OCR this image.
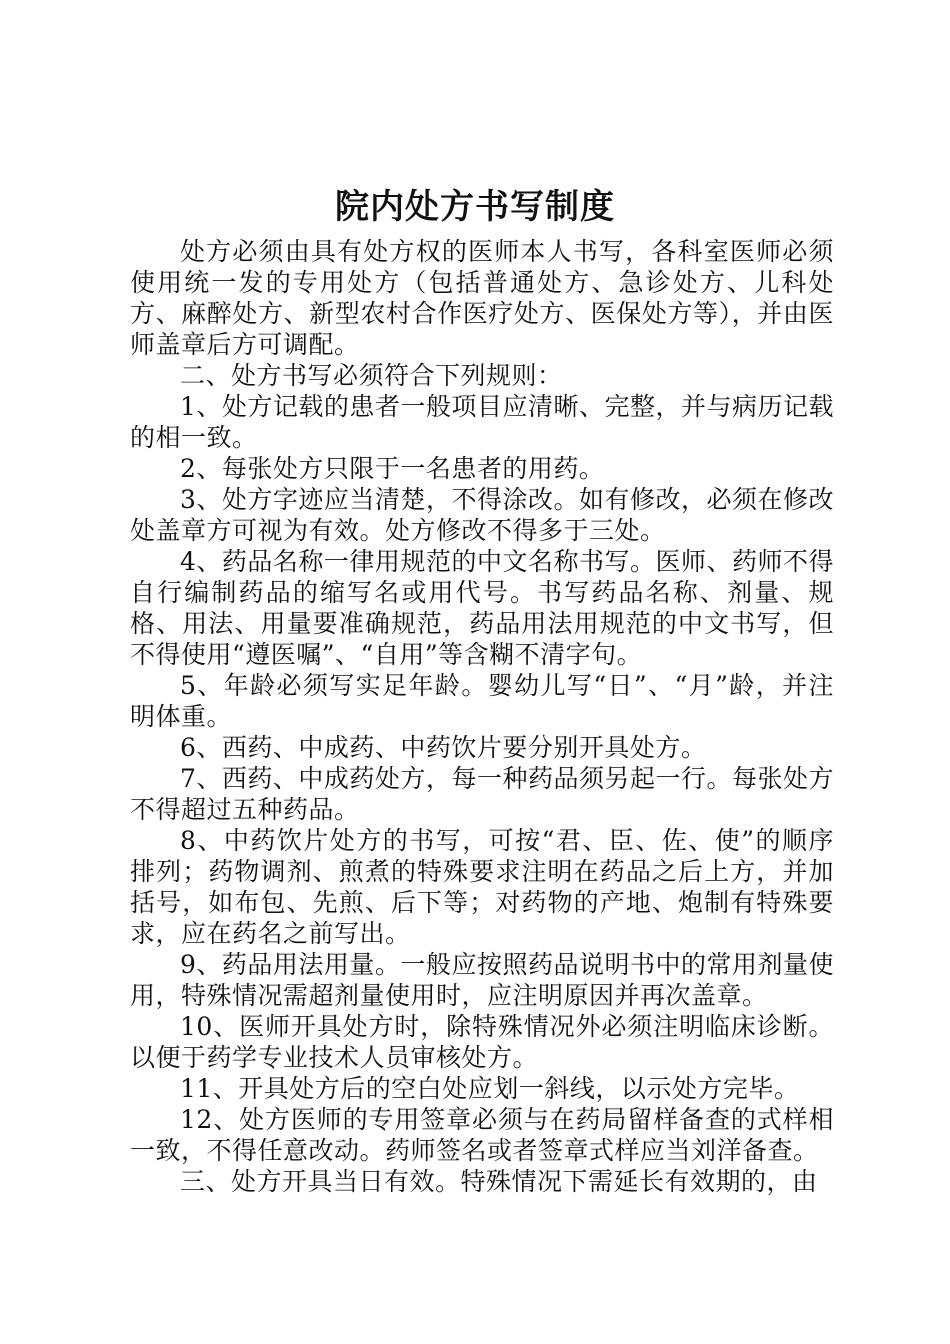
院内处方书写制度

处方必须由具有处方权的医师本人书写，各科室医师必须使用统一发的专用处方（包括普通处方、急诊处方、儿科处方、麻醉处方、新型农村合作医疗处方、医保处方等），并由医师盖章后方可调配。

二、处方书写必须符合下列规则：

1、处方记载的患者一般项目应清晰、完整，并与病历记载的相一致。

2、每张处方只限于一名患者的用药。

3、处方字迹应当清楚，不得涂改。如有修改，必须在修改处盖章方可视为有效。处方修改不得多于三处。

4、药品名称一律用规范的中文名称书写。医师、药师不得自行编制药品的缩写名或用代号。书写药品名称、剂量、规格、用法、用量要准确规范，药品用法用规范的中文书写，但不得使用“遵医嘱”、“自用”等含糊不清字句。

5、年龄必须写实足年龄。婴幼儿写“日”、“月”龄，并注明体重。

6、西药、中成药、中药饮片要分别开具处方。

7、西药、中成药处方，每一种药品须另起一行。每张处方不得超过五种药品。

8、中药饮片处方的书写，可按“君、臣、佐、使”的顺序排列；药物调剂、煎煮的特殊要求注明在药品之后上方，并加括号，如布包、先煎、后下等；对药物的产地、炮制有特殊要求，应在药名之前写出。

9、药品用法用量。一般应按照药品说明书中的常用剂量使用，特殊情况需超剂量使用时，应注明原因并再次盖章。

10、医师开具处方时，除特殊情况外必须注明临床诊断。以便于药学专业技术人员审核处方。

11、开具处方后的空白处应划一斜线，以示处方完毕。

12、处方医师的专用签章必须与在药局留样备查的式样相一致，不得任意改动。药师签名或者签章式样应当刘洋备查。

三、处方开具当日有效。特殊情况下需延长有效期的，由
